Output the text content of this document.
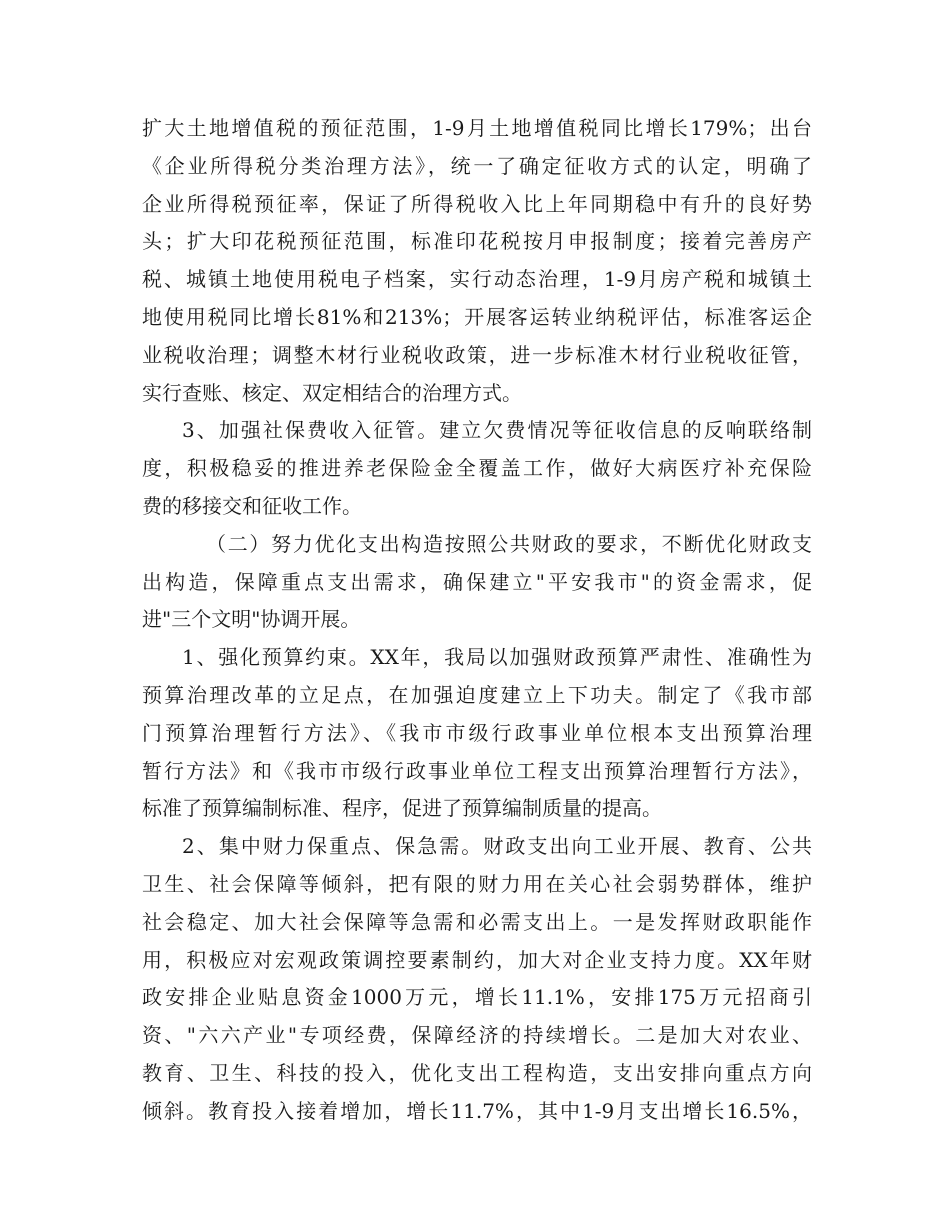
扩大土地增值税的预征范围，1-9月土地增值税同比增长179%；出台
《企业所得税分类治理方法》，统一了确定征收方式的认定，明确了
企业所得税预征率，保证了所得税收入比上年同期稳中有升的良好势
头；扩大印花税预征范围，标准印花税按月申报制度；接着完善房产
税、城镇土地使用税电子档案，实行动态治理，1-9月房产税和城镇土
地使用税同比增长81%和213%；开展客运转业纳税评估，标准客运企
业税收治理；调整木材行业税收政策，进一步标准木材行业税收征管，
实行查账、核定、双定相结合的治理方式。
3、加强社保费收入征管。建立欠费情况等征收信息的反响联络制
度，积极稳妥的推进养老保险金全覆盖工作，做好大病医疗补充保险
费的移接交和征收工作。
（二）努力优化支出构造按照公共财政的要求，不断优化财政支
出构造，保障重点支出需求，确保建立"平安我市"的资金需求，促
进"三个文明"协调开展。
1、强化预算约束。XX年，我局以加强财政预算严肃性、准确性为
预算治理改革的立足点，在加强迫度建立上下功夫。制定了《我市部
门预算治理暂行方法》、《我市市级行政事业单位根本支出预算治理
暂行方法》和《我市市级行政事业单位工程支出预算治理暂行方法》，
标准了预算编制标准、程序，促进了预算编制质量的提高。
2、集中财力保重点、保急需。财政支出向工业开展、教育、公共
卫生、社会保障等倾斜，把有限的财力用在关心社会弱势群体，维护
社会稳定、加大社会保障等急需和必需支出上。一是发挥财政职能作
用，积极应对宏观政策调控要素制约，加大对企业支持力度。XX年财
政安排企业贴息资金1000万元，增长11.1%，安排175万元招商引
资、"六六产业"专项经费，保障经济的持续增长。二是加大对农业、
教育、卫生、科技的投入，优化支出工程构造，支出安排向重点方向
倾斜。教育投入接着增加，增长11.7%，其中1-9月支出增长16.5%，
